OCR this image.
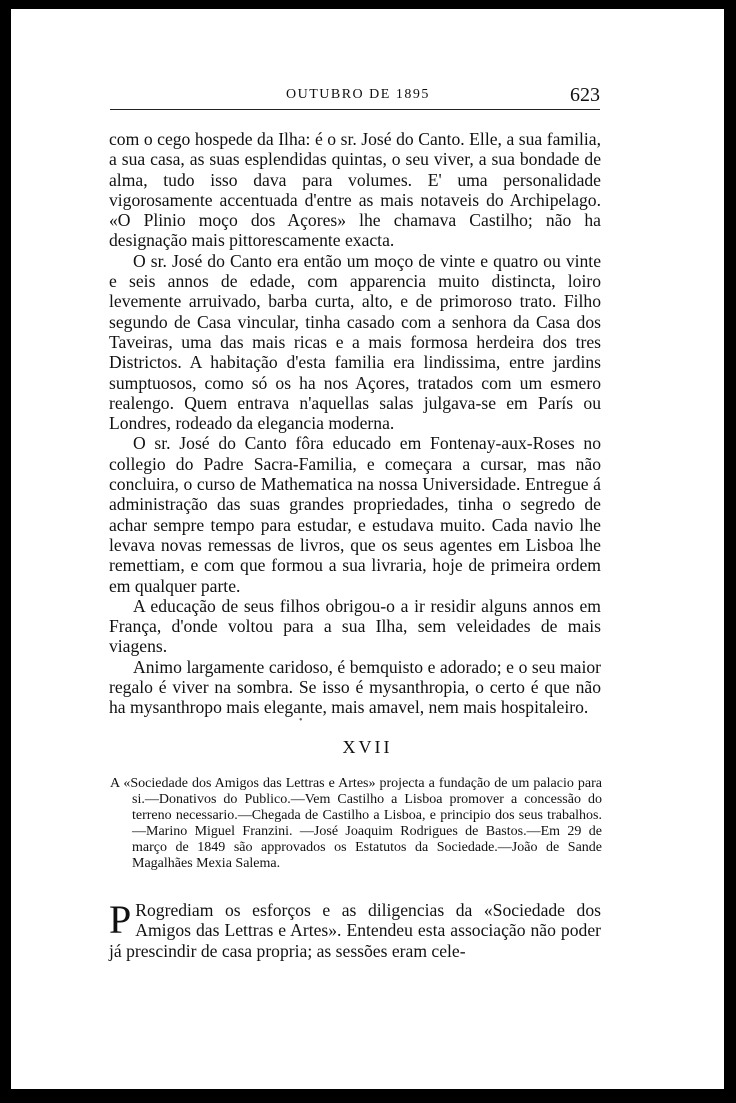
OUTUBRO DE 1895	623

com o cego hospede da Ilha: é o sr. José do Canto. Elle, a sua familia, a sua casa, as suas esplendidas quintas, o seu viver, a sua bondade de alma, tudo isso dava para volumes. E' uma personalidade vigorosamente accentuada d'entre as mais notaveis do Archipelago. «O Plinio moço dos Açores» lhe chamava Castilho; não ha designação mais pittorescamente exacta.

O sr. José do Canto era então um moço de vinte e quatro ou vinte e seis annos de edade, com apparencia muito distincta, loiro levemente arruivado, barba curta, alto, e de primoroso trato. Filho segundo de Casa vincular, tinha casado com a senhora da Casa dos Taveiras, uma das mais ricas e a mais formosa herdeira dos tres Districtos. A habitação d'esta familia era lindissima, entre jardins sumptuosos, como só os ha nos Açores, tratados com um esmero realengo. Quem entrava n'aquellas salas julgava-se em París ou Londres, rodeado da elegancia moderna.

O sr. José do Canto fôra educado em Fontenay-aux-Roses no collegio do Padre Sacra-Familia, e começara a cursar, mas não concluira, o curso de Mathematica na nossa Universidade. Entregue á administração das suas grandes propriedades, tinha o segredo de achar sempre tempo para estudar, e estudava muito. Cada navio lhe levava novas remessas de livros, que os seus agentes em Lisboa lhe remettiam, e com que formou a sua livraria, hoje de primeira ordem em qualquer parte.

A educação de seus filhos obrigou-o a ir residir alguns annos em França, d'onde voltou para a sua Ilha, sem veleidades de mais viagens.

Animo largamente caridoso, é bemquisto e adorado; e o seu maior regalo é viver na sombra. Se isso é mysanthropia, o certo é que não ha mysanthropo mais elegante, mais amavel, nem mais hospitaleiro.

•
XVII
A «Sociedade dos Amigos das Lettras e Artes» projecta a fundação de um palacio para si.—Donativos do Publico.—Vem Castilho a Lisboa promover a concessão do terreno necessario.—Chegada de Castilho a Lisboa, e principio dos seus trabalhos.—Marino Miguel Franzini. —José Joaquim Rodrigues de Bastos.—Em 29 de março de 1849 são approvados os Estatutos da Sociedade.—João de Sande Magalhães Mexia Salema.
P Rogrediam os esforços e as diligencias da «Sociedade dos Amigos das Lettras e Artes». Entendeu esta associação não poder já prescindir de casa propria; as sessões eram cele-
